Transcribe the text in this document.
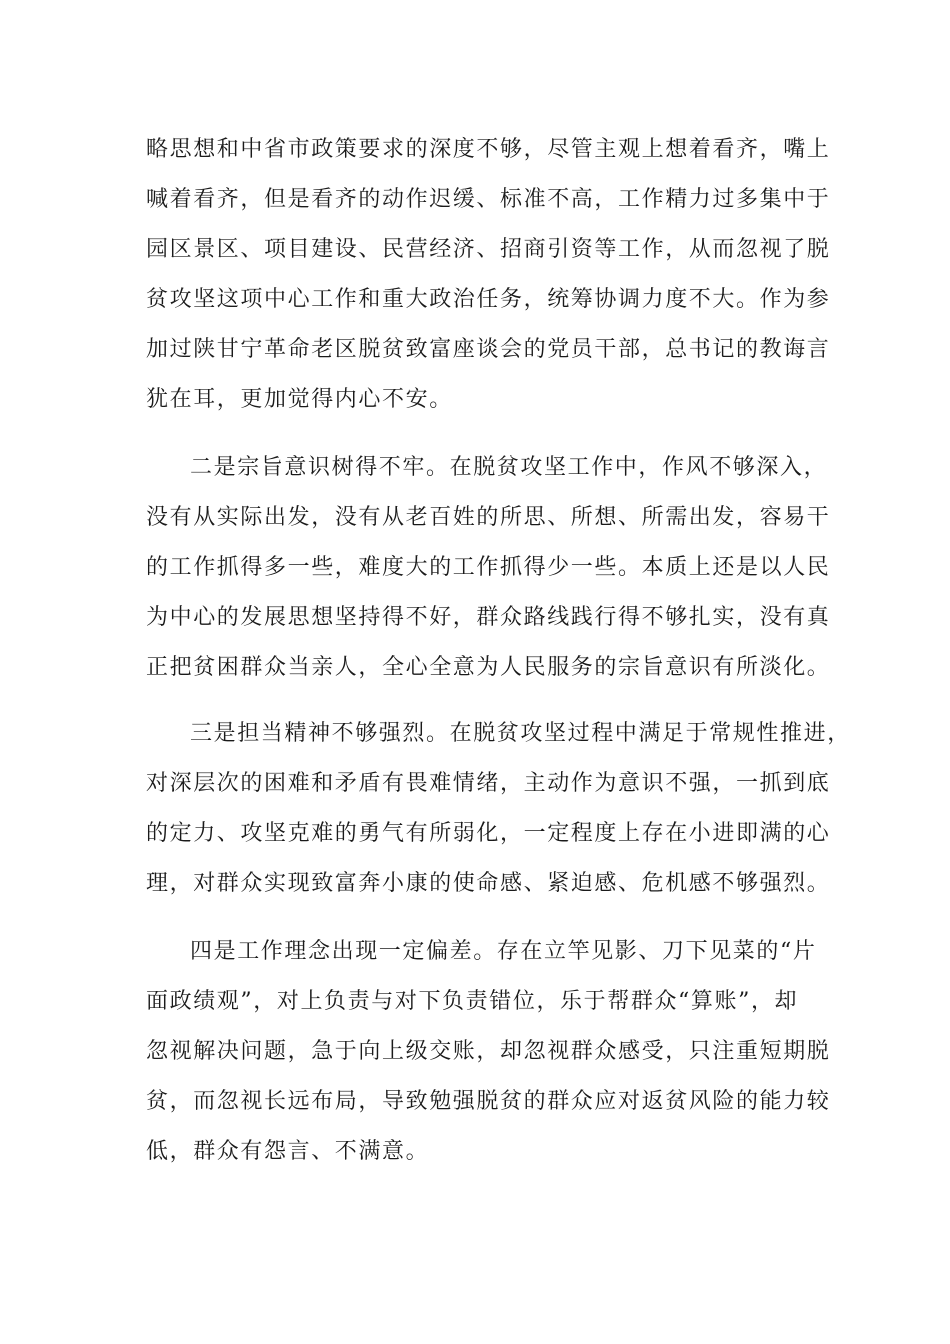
略思想和中省市政策要求的深度不够，尽管主观上想着看齐，嘴上
喊着看齐，但是看齐的动作迟缓、标准不高，工作精力过多集中于
园区景区、项目建设、民营经济、招商引资等工作，从而忽视了脱
贫攻坚这项中心工作和重大政治任务，统筹协调力度不大。作为参
加过陕甘宁革命老区脱贫致富座谈会的党员干部，总书记的教诲言
犹在耳，更加觉得内心不安。
二是宗旨意识树得不牢。在脱贫攻坚工作中，作风不够深入，
没有从实际出发，没有从老百姓的所思、所想、所需出发，容易干
的工作抓得多一些，难度大的工作抓得少一些。本质上还是以人民
为中心的发展思想坚持得不好，群众路线践行得不够扎实，没有真
正把贫困群众当亲人，全心全意为人民服务的宗旨意识有所淡化。
三是担当精神不够强烈。在脱贫攻坚过程中满足于常规性推进，
对深层次的困难和矛盾有畏难情绪，主动作为意识不强，一抓到底
的定力、攻坚克难的勇气有所弱化，一定程度上存在小进即满的心
理，对群众实现致富奔小康的使命感、紧迫感、危机感不够强烈。
四是工作理念出现一定偏差。存在立竿见影、刀下见菜的“片
面政绩观”，对上负责与对下负责错位，乐于帮群众“算账”，却
忽视解决问题，急于向上级交账，却忽视群众感受，只注重短期脱
贫，而忽视长远布局，导致勉强脱贫的群众应对返贫风险的能力较
低，群众有怨言、不满意。
